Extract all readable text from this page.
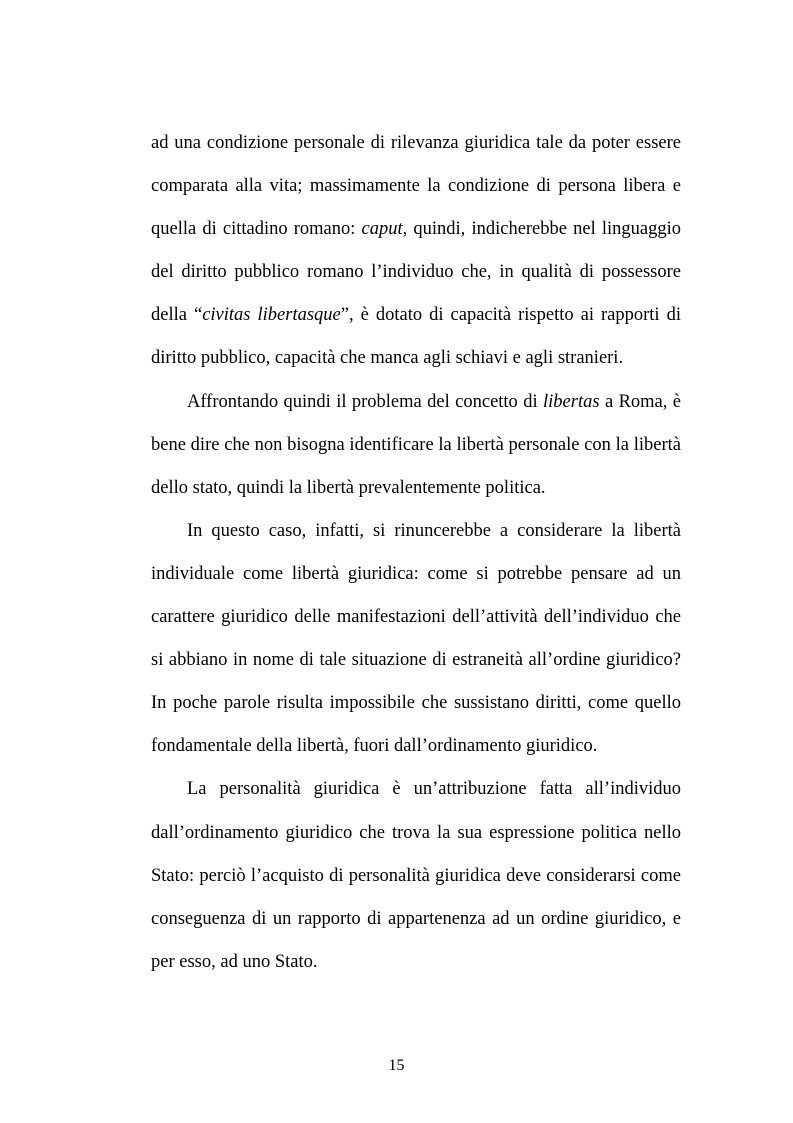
ad una condizione personale di rilevanza giuridica tale da poter essere comparata alla vita; massimamente la condizione di persona libera e quella di cittadino romano: caput, quindi, indicherebbe nel linguaggio del diritto pubblico romano l’individuo che, in qualità di possessore della “civitas libertasque”, è dotato di capacità rispetto ai rapporti di diritto pubblico, capacità che manca agli schiavi e agli stranieri.

Affrontando quindi il problema del concetto di libertas a Roma, è bene dire che non bisogna identificare la libertà personale con la libertà dello stato, quindi la libertà prevalentemente politica.

In questo caso, infatti, si rinuncerebbe a considerare la libertà individuale come libertà giuridica: come si potrebbe pensare ad un carattere giuridico delle manifestazioni dell’attività dell’individuo che si abbiano in nome di tale situazione di estraneità all’ordine giuridico? In poche parole risulta impossibile che sussistano diritti, come quello fondamentale della libertà, fuori dall’ordinamento giuridico.

La personalità giuridica è un’attribuzione fatta all’individuo dall’ordinamento giuridico che trova la sua espressione politica nello Stato: perciò l’acquisto di personalità giuridica deve considerarsi come conseguenza di un rapporto di appartenenza ad un ordine giuridico, e per esso, ad uno Stato.

15
